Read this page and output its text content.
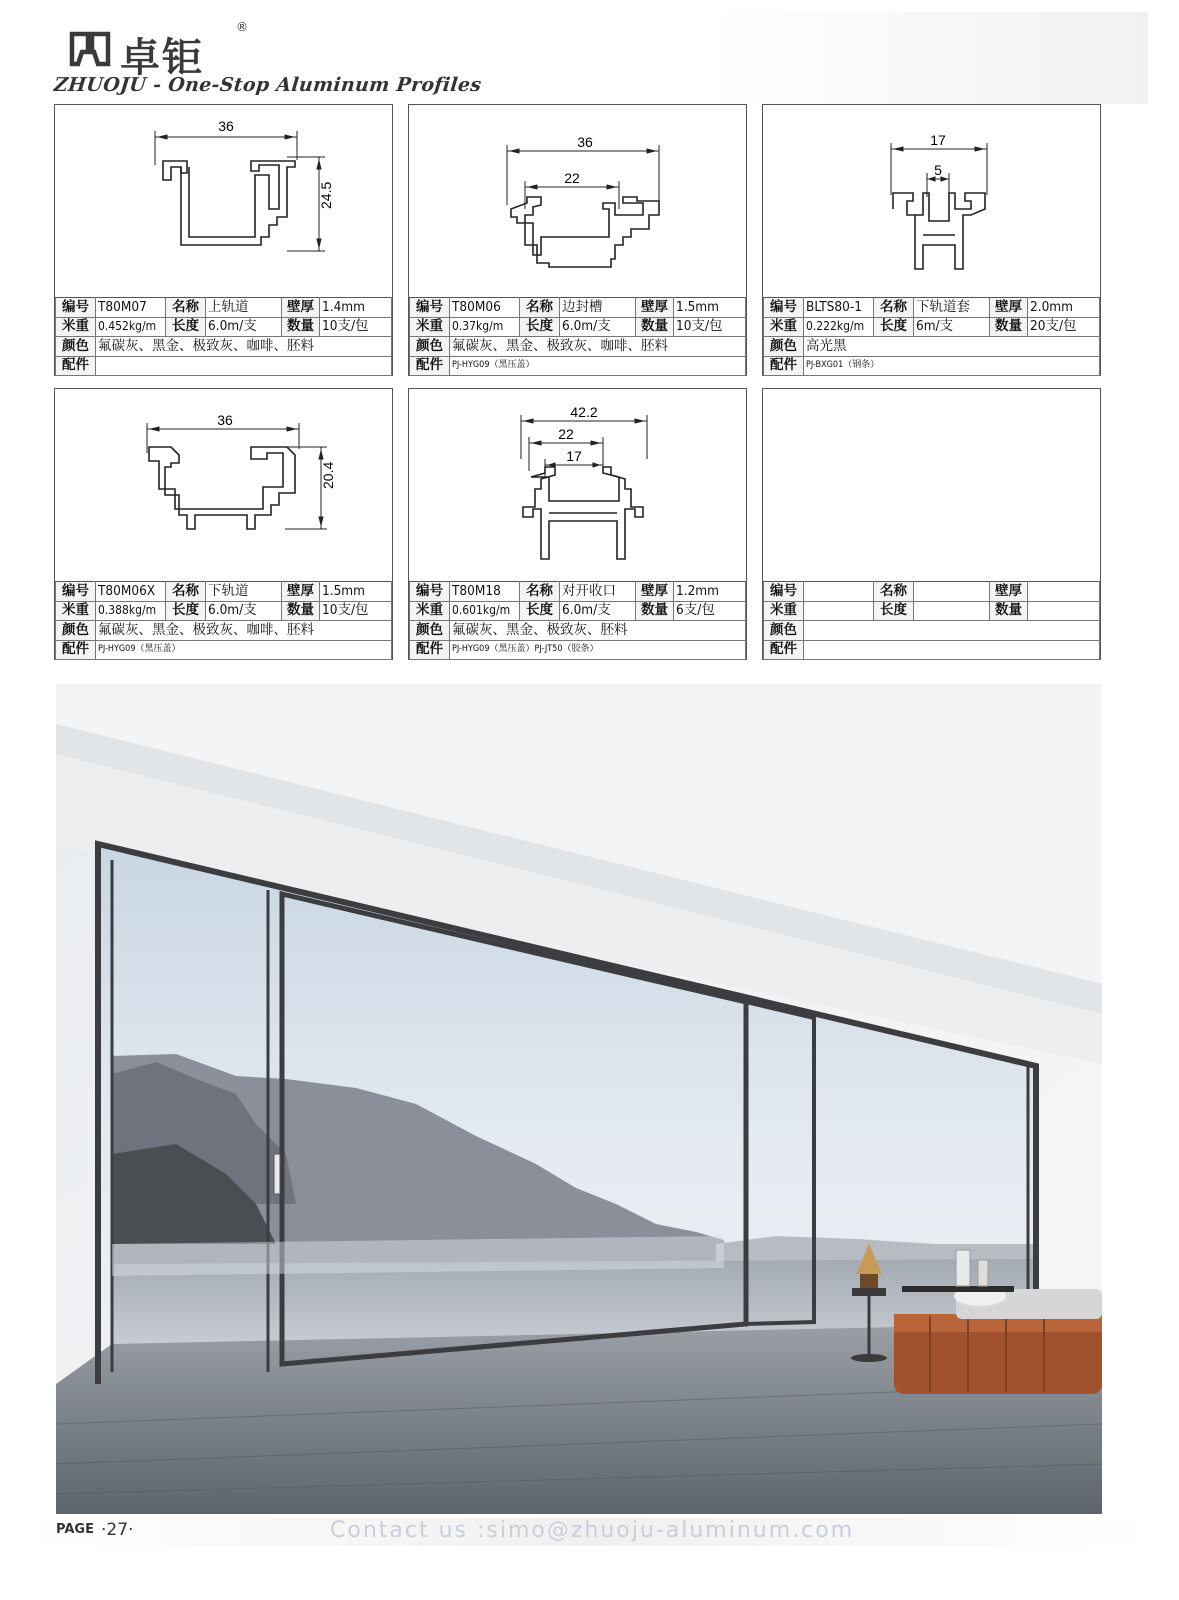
卓钜
®
ZHUOJU - One-Stop Aluminum Profiles
36
24.5
编号	T80M07	名称	上轨道	壁厚	1.4mm
米重	0.452kg/m	长度	6.0m/支	数量	10支/包
颜色	氟碳灰、黑金、极致灰、咖啡、胚料				
配件					
36
22
编号	T80M06	名称	边封槽	壁厚	1.5mm
米重	0.37kg/m	长度	6.0m/支	数量	10支/包
颜色	氟碳灰、黑金、极致灰、咖啡、胚料				
配件	PJ-HYG09（黑压盖）				
17
5
编号	BLTS80-1	名称	下轨道套	壁厚	2.0mm
米重	0.222kg/m	长度	6m/支	数量	20支/包
颜色	高光黑				
配件	PJ-BXG01（钢条）				
36
20.4
编号	T80M06X	名称	下轨道	壁厚	1.5mm
米重	0.388kg/m	长度	6.0m/支	数量	10支/包
颜色	氟碳灰、黑金、极致灰、咖啡、胚料				
配件	PJ-HYG09（黑压盖）				
42.2
22
17
编号	T80M18	名称	对开收口	壁厚	1.2mm
米重	0.601kg/m	长度	6.0m/支	数量	6支/包
颜色	氟碳灰、黑金、极致灰、胚料				
配件	PJ-HYG09（黑压盖）PJ-JT50（胶条）				
编号		名称		壁厚	
米重		长度		数量	
颜色					
配件					
PAGE ·27·	Contact us :simo@zhuoju-aluminum.com
